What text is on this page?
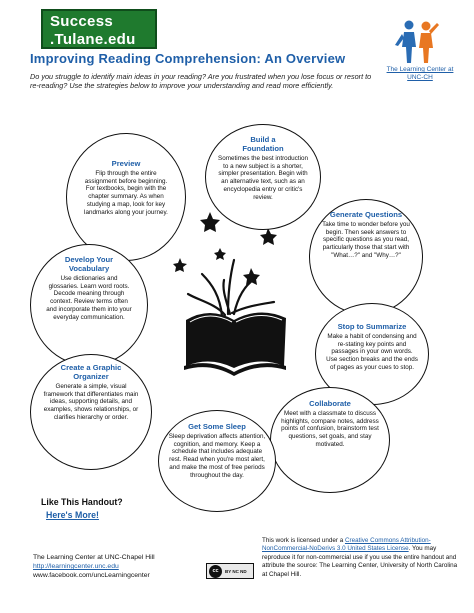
Success
.Tulane.edu
Improving Reading Comprehension: An Overview
The Learning Center at UNC-CH
Do you struggle to identify main ideas in your reading? Are you frustrated when you lose focus or resort to re-reading? Use the strategies below to improve your understanding and read more efficiently.
Preview
Flip through the entire assignment before beginning. For textbooks, begin with the chapter summary. As when studying a map, look for key landmarks along your journey.
Build a Foundation
Sometimes the best introduction to a new subject is a shorter, simpler presentation. Begin with an alternative text, such as an encyclopedia entry or critic's review.
Generate Questions
Take time to wonder before you begin. Then seek answers to specific questions as you read, particularly those that start with "What…?" and "Why…?"
Develop Your Vocabulary
Use dictionaries and glossaries. Learn word roots. Decode meaning through context. Review terms often and incorporate them into your everyday communication.
Stop to Summarize
Make a habit of condensing and re-stating key points and passages in your own words. Use section breaks and the ends of pages as your cues to stop.
Create a Graphic Organizer
Generate a simple, visual framework that differentiates main ideas, supporting details, and examples, shows relationships, or clarifies hierarchy or order.
Collaborate
Meet with a classmate to discuss highlights, compare notes, address points of confusion, brainstorm test questions, set goals, and stay motivated.
Get Some Sleep
Sleep deprivation affects attention, cognition, and memory. Keep a schedule that includes adequate rest. Read when you're most alert, and make the most of free periods throughout the day.
Like This Handout?
Here's More!
The Learning Center at UNC-Chapel Hill
http://learningcenter.unc.edu
www.facebook.com/uncLearningcenter
cc	BY NC ND
This work is licensed under a Creative Commons Attribution-NonCommercial-NoDerivs 3.0 United States License. You may reproduce it for non-commercial use if you use the entire handout and attribute the source: The Learning Center, University of North Carolina at Chapel Hill.
